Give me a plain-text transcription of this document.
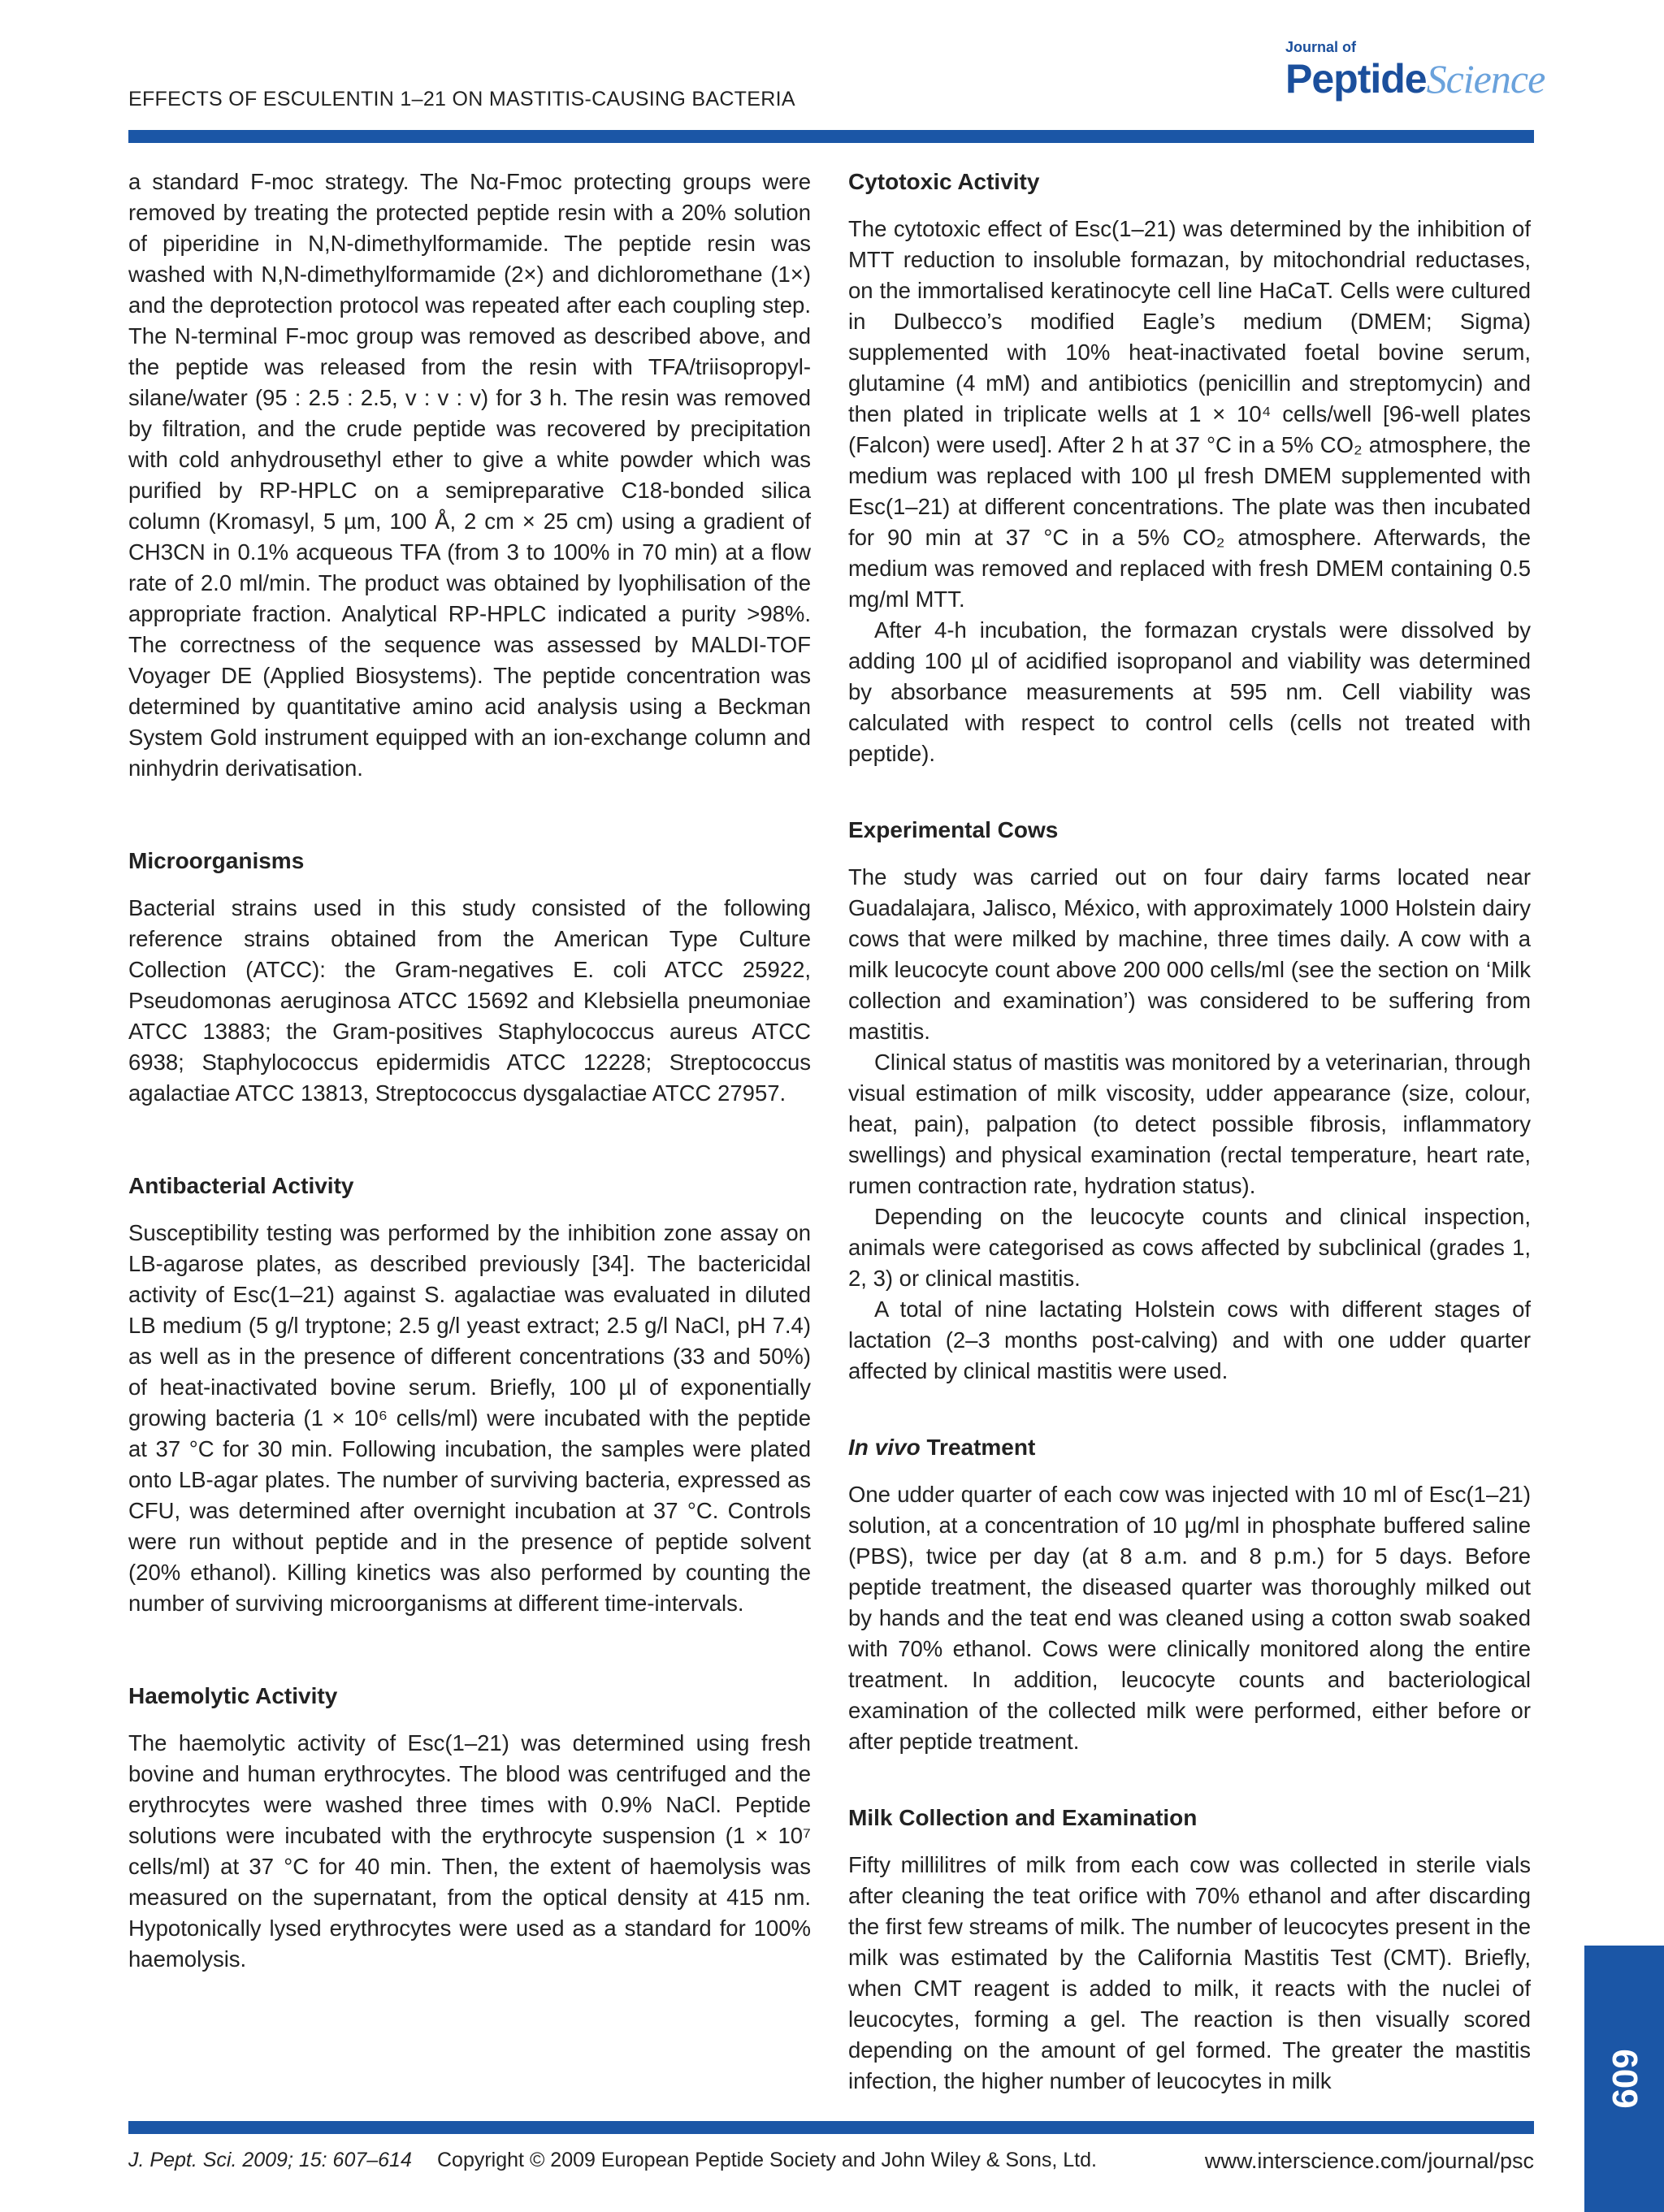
EFFECTS OF ESCULENTIN 1–21 ON MASTITIS-CAUSING BACTERIA
Journal of
PeptideScience

a standard F-moc strategy. The Nα-Fmoc protecting groups were removed by treating the protected peptide resin with a 20% solution of piperidine in N,N-dimethylformamide. The peptide resin was washed with N,N-dimethylformamide (2×) and dichloromethane (1×) and the deprotection protocol was repeated after each coupling step. The N-terminal F-moc group was removed as described above, and the peptide was released from the resin with TFA/triisopropyl-silane/water (95 : 2.5 : 2.5, v : v : v) for 3 h. The resin was removed by filtration, and the crude peptide was recovered by precipitation with cold anhydrousethyl ether to give a white powder which was purified by RP-HPLC on a semipreparative C18-bonded silica column (Kromasyl, 5 µm, 100 Å, 2 cm × 25 cm) using a gradient of CH3CN in 0.1% acqueous TFA (from 3 to 100% in 70 min) at a flow rate of 2.0 ml/min. The product was obtained by lyophilisation of the appropriate fraction. Analytical RP-HPLC indicated a purity >98%. The correctness of the sequence was assessed by MALDI-TOF Voyager DE (Applied Biosystems). The peptide concentration was determined by quantitative amino acid analysis using a Beckman System Gold instrument equipped with an ion-exchange column and ninhydrin derivatisation.

Microorganisms

Bacterial strains used in this study consisted of the following reference strains obtained from the American Type Culture Collection (ATCC): the Gram-negatives E. coli ATCC 25922, Pseudomonas aeruginosa ATCC 15692 and Klebsiella pneumoniae ATCC 13883; the Gram-positives Staphylococcus aureus ATCC 6938; Staphylococcus epidermidis ATCC 12228; Streptococcus agalactiae ATCC 13813, Streptococcus dysgalactiae ATCC 27957.

Antibacterial Activity

Susceptibility testing was performed by the inhibition zone assay on LB-agarose plates, as described previously [34]. The bactericidal activity of Esc(1–21) against S. agalactiae was evaluated in diluted LB medium (5 g/l tryptone; 2.5 g/l yeast extract; 2.5 g/l NaCl, pH 7.4) as well as in the presence of different concentrations (33 and 50%) of heat-inactivated bovine serum. Briefly, 100 µl of exponentially growing bacteria (1 × 10⁶ cells/ml) were incubated with the peptide at 37 °C for 30 min. Following incubation, the samples were plated onto LB-agar plates. The number of surviving bacteria, expressed as CFU, was determined after overnight incubation at 37 °C. Controls were run without peptide and in the presence of peptide solvent (20% ethanol). Killing kinetics was also performed by counting the number of surviving microorganisms at different time-intervals.

Haemolytic Activity

The haemolytic activity of Esc(1–21) was determined using fresh bovine and human erythrocytes. The blood was centrifuged and the erythrocytes were washed three times with 0.9% NaCl. Peptide solutions were incubated with the erythrocyte suspension (1 × 10⁷ cells/ml) at 37 °C for 40 min. Then, the extent of haemolysis was measured on the supernatant, from the optical density at 415 nm. Hypotonically lysed erythrocytes were used as a standard for 100% haemolysis.

Cytotoxic Activity

The cytotoxic effect of Esc(1–21) was determined by the inhibition of MTT reduction to insoluble formazan, by mitochondrial reductases, on the immortalised keratinocyte cell line HaCaT. Cells were cultured in Dulbecco’s modified Eagle’s medium (DMEM; Sigma) supplemented with 10% heat-inactivated foetal bovine serum, glutamine (4 mM) and antibiotics (penicillin and streptomycin) and then plated in triplicate wells at 1 × 10⁴ cells/well [96-well plates (Falcon) were used]. After 2 h at 37 °C in a 5% CO₂ atmosphere, the medium was replaced with 100 µl fresh DMEM supplemented with Esc(1–21) at different concentrations. The plate was then incubated for 90 min at 37 °C in a 5% CO₂ atmosphere. Afterwards, the medium was removed and replaced with fresh DMEM containing 0.5 mg/ml MTT.

After 4-h incubation, the formazan crystals were dissolved by adding 100 µl of acidified isopropanol and viability was determined by absorbance measurements at 595 nm. Cell viability was calculated with respect to control cells (cells not treated with peptide).

Experimental Cows

The study was carried out on four dairy farms located near Guadalajara, Jalisco, México, with approximately 1000 Holstein dairy cows that were milked by machine, three times daily. A cow with a milk leucocyte count above 200 000 cells/ml (see the section on ‘Milk collection and examination’) was considered to be suffering from mastitis.

Clinical status of mastitis was monitored by a veterinarian, through visual estimation of milk viscosity, udder appearance (size, colour, heat, pain), palpation (to detect possible fibrosis, inflammatory swellings) and physical examination (rectal temperature, heart rate, rumen contraction rate, hydration status).

Depending on the leucocyte counts and clinical inspection, animals were categorised as cows affected by subclinical (grades 1, 2, 3) or clinical mastitis.

A total of nine lactating Holstein cows with different stages of lactation (2–3 months post-calving) and with one udder quarter affected by clinical mastitis were used.

In vivo Treatment

One udder quarter of each cow was injected with 10 ml of Esc(1–21) solution, at a concentration of 10 µg/ml in phosphate buffered saline (PBS), twice per day (at 8 a.m. and 8 p.m.) for 5 days. Before peptide treatment, the diseased quarter was thoroughly milked out by hands and the teat end was cleaned using a cotton swab soaked with 70% ethanol. Cows were clinically monitored along the entire treatment. In addition, leucocyte counts and bacteriological examination of the collected milk were performed, either before or after peptide treatment.

Milk Collection and Examination

Fifty millilitres of milk from each cow was collected in sterile vials after cleaning the teat orifice with 70% ethanol and after discarding the first few streams of milk. The number of leucocytes present in the milk was estimated by the California Mastitis Test (CMT). Briefly, when CMT reagent is added to milk, it reacts with the nuclei of leucocytes, forming a gel. The reaction is then visually scored depending on the amount of gel formed. The greater the mastitis infection, the higher number of leucocytes in milk	609
J. Pept. Sci. 2009; 15: 607–614 Copyright © 2009 European Peptide Society and John Wiley & Sons, Ltd.	www.interscience.com/journal/psc
